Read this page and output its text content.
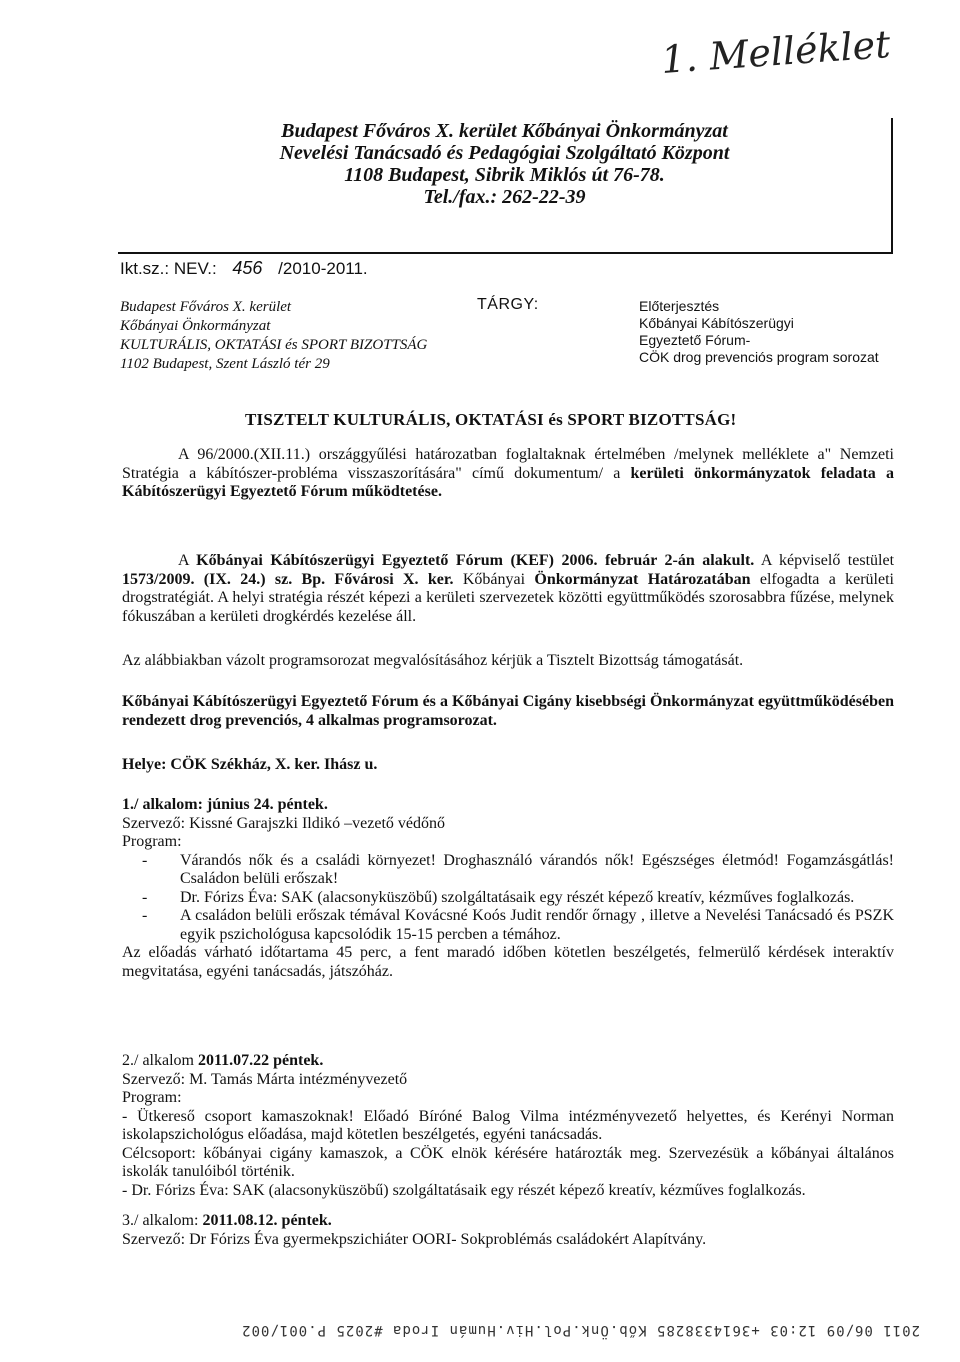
1. Melléklet
Budapest Főváros X. kerület Kőbányai Önkormányzat
Nevelési Tanácsadó és Pedagógiai Szolgáltató Központ
1108 Budapest, Sibrik Miklós út 76-78.
Tel./fax.: 262-22-39
Ikt.sz.: NEV.: 456 /2010-2011.
Budapest Főváros X. kerület
Kőbányai Önkormányzat
KULTURÁLIS, OKTATÁSI és SPORT BIZOTTSÁG
1102 Budapest, Szent László tér 29
TÁRGY:	Előterjesztés
Kőbányai Kábítószerügyi
Egyeztető Fórum-
CÖK drog prevenciós program sorozat
TISZTELT KULTURÁLIS, OKTATÁSI és SPORT BIZOTTSÁG!

A 96/2000.(XII.11.) országgyűlési határozatban foglaltaknak értelmében /melynek melléklete a" Nemzeti Stratégia a kábítószer-probléma visszaszorítására" című dokumentum/ a kerületi önkormányzatok feladata a Kábítószerügyi Egyeztető Fórum működtetése.

A Kőbányai Kábítószerügyi Egyeztető Fórum (KEF) 2006. február 2-án alakult. A képviselő testület 1573/2009. (IX. 24.) sz. Bp. Fővárosi X. ker. Kőbányai Önkormányzat Határozatában elfogadta a kerületi drogstratégiát. A helyi stratégia részét képezi a kerületi szervezetek közötti együttműködés szorosabbra fűzése, melynek fókuszában a kerületi drogkérdés kezelése áll.

Az alábbiakban vázolt programsorozat megvalósításához kérjük a Tisztelt Bizottság támogatását.

Kőbányai Kábítószerügyi Egyeztető Fórum és a Kőbányai Cigány kisebbségi Önkormányzat együttműködésében rendezett drog prevenciós, 4 alkalmas programsorozat.

Helye: CÖK Székház, X. ker. Ihász u.
1./ alkalom: június 24. péntek.
Szervező: Kissné Garajszki Ildikó –vezető védőnő
Program:
- Várandós nők és a családi környezet! Droghasználó várandós nők! Egészséges életmód! Fogamzásgátlás! Családon belüli erőszak!
- Dr. Fórizs Éva: SAK (alacsonyküszöbű) szolgáltatásaik egy részét képező kreatív, kézműves foglalkozás.
- A családon belüli erőszak témával Kovácsné Koós Judit rendőr őrnagy , illetve a Nevelési Tanácsadó és PSZK egyik pszichológusa kapcsolódik 15-15 percben a témához.

Az előadás várható időtartama 45 perc, a fent maradó időben kötetlen beszélgetés, felmerülő kérdések interaktív megvitatása, egyéni tanácsadás, játszóház.

2./ alkalom 2011.07.22 péntek.
Szervező: M. Tamás Márta intézményvezető
Program:

- Ütkereső csoport kamaszoknak! Előadó Bíróné Balog Vilma intézményvezető helyettes, és Kerényi Norman iskolapszichológus előadása, majd kötetlen beszélgetés, egyéni tanácsadás.

Célcsoport: kőbányai cigány kamaszok, a CÖK elnök kérésére határozták meg. Szervezésük a kőbányai általános iskolák tanulóiból történik.

- Dr. Fórizs Éva: SAK (alacsonyküszöbű) szolgáltatásaik egy részét képező kreatív, kézműves foglalkozás.

3./ alkalom: 2011.08.12. péntek.
Szervező: Dr Fórizs Éva gyermekpszichiáter OORI- Sokproblémás családokért Alapítvány.
2011 06/09 12:03 +3614338285 Kőb.Önk.Pol.Hiv.Humán Iroda #2025 P.001/002
